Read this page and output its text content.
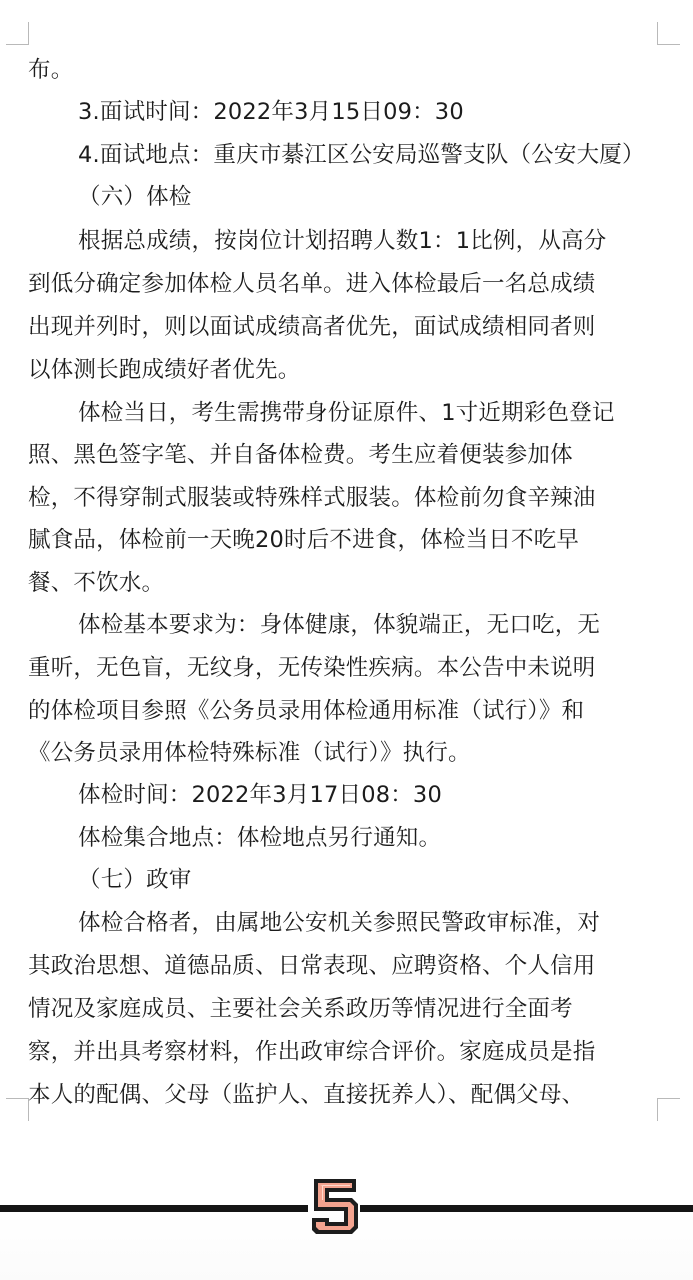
布。
3.面试时间：2022年3月15日09：30
4.面试地点：重庆市綦江区公安局巡警支队（公安大厦）
（六）体检
根据总成绩，按岗位计划招聘人数1：1比例，从高分
到低分确定参加体检人员名单。进入体检最后一名总成绩
出现并列时，则以面试成绩高者优先，面试成绩相同者则
以体测长跑成绩好者优先。
体检当日，考生需携带身份证原件、1寸近期彩色登记
照、黑色签字笔、并自备体检费。考生应着便装参加体
检，不得穿制式服装或特殊样式服装。体检前勿食辛辣油
腻食品，体检前一天晚20时后不进食，体检当日不吃早
餐、不饮水。
体检基本要求为：身体健康，体貌端正，无口吃，无
重听，无色盲，无纹身，无传染性疾病。本公告中未说明
的体检项目参照《公务员录用体检通用标准（试行）》和
《公务员录用体检特殊标准（试行）》执行。
体检时间：2022年3月17日08：30
体检集合地点：体检地点另行通知。
（七）政审
体检合格者，由属地公安机关参照民警政审标准，对
其政治思想、道德品质、日常表现、应聘资格、个人信用
情况及家庭成员、主要社会关系政历等情况进行全面考
察，并出具考察材料，作出政审综合评价。家庭成员是指
本人的配偶、父母（监护人、直接抚养人）、配偶父母、
